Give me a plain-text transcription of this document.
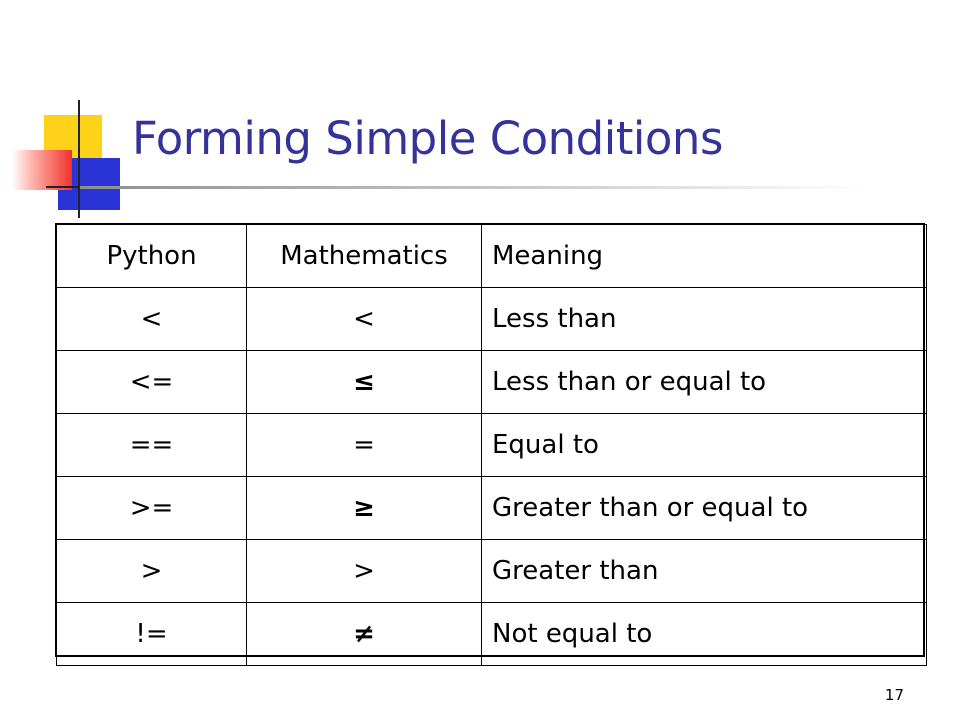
Forming Simple Conditions
Python	Mathematics	Meaning
<	<	Less than
<=	≤	Less than or equal to
==	=	Equal to
>=	≥	Greater than or equal to
>	>	Greater than
!=	≠	Not equal to
17
